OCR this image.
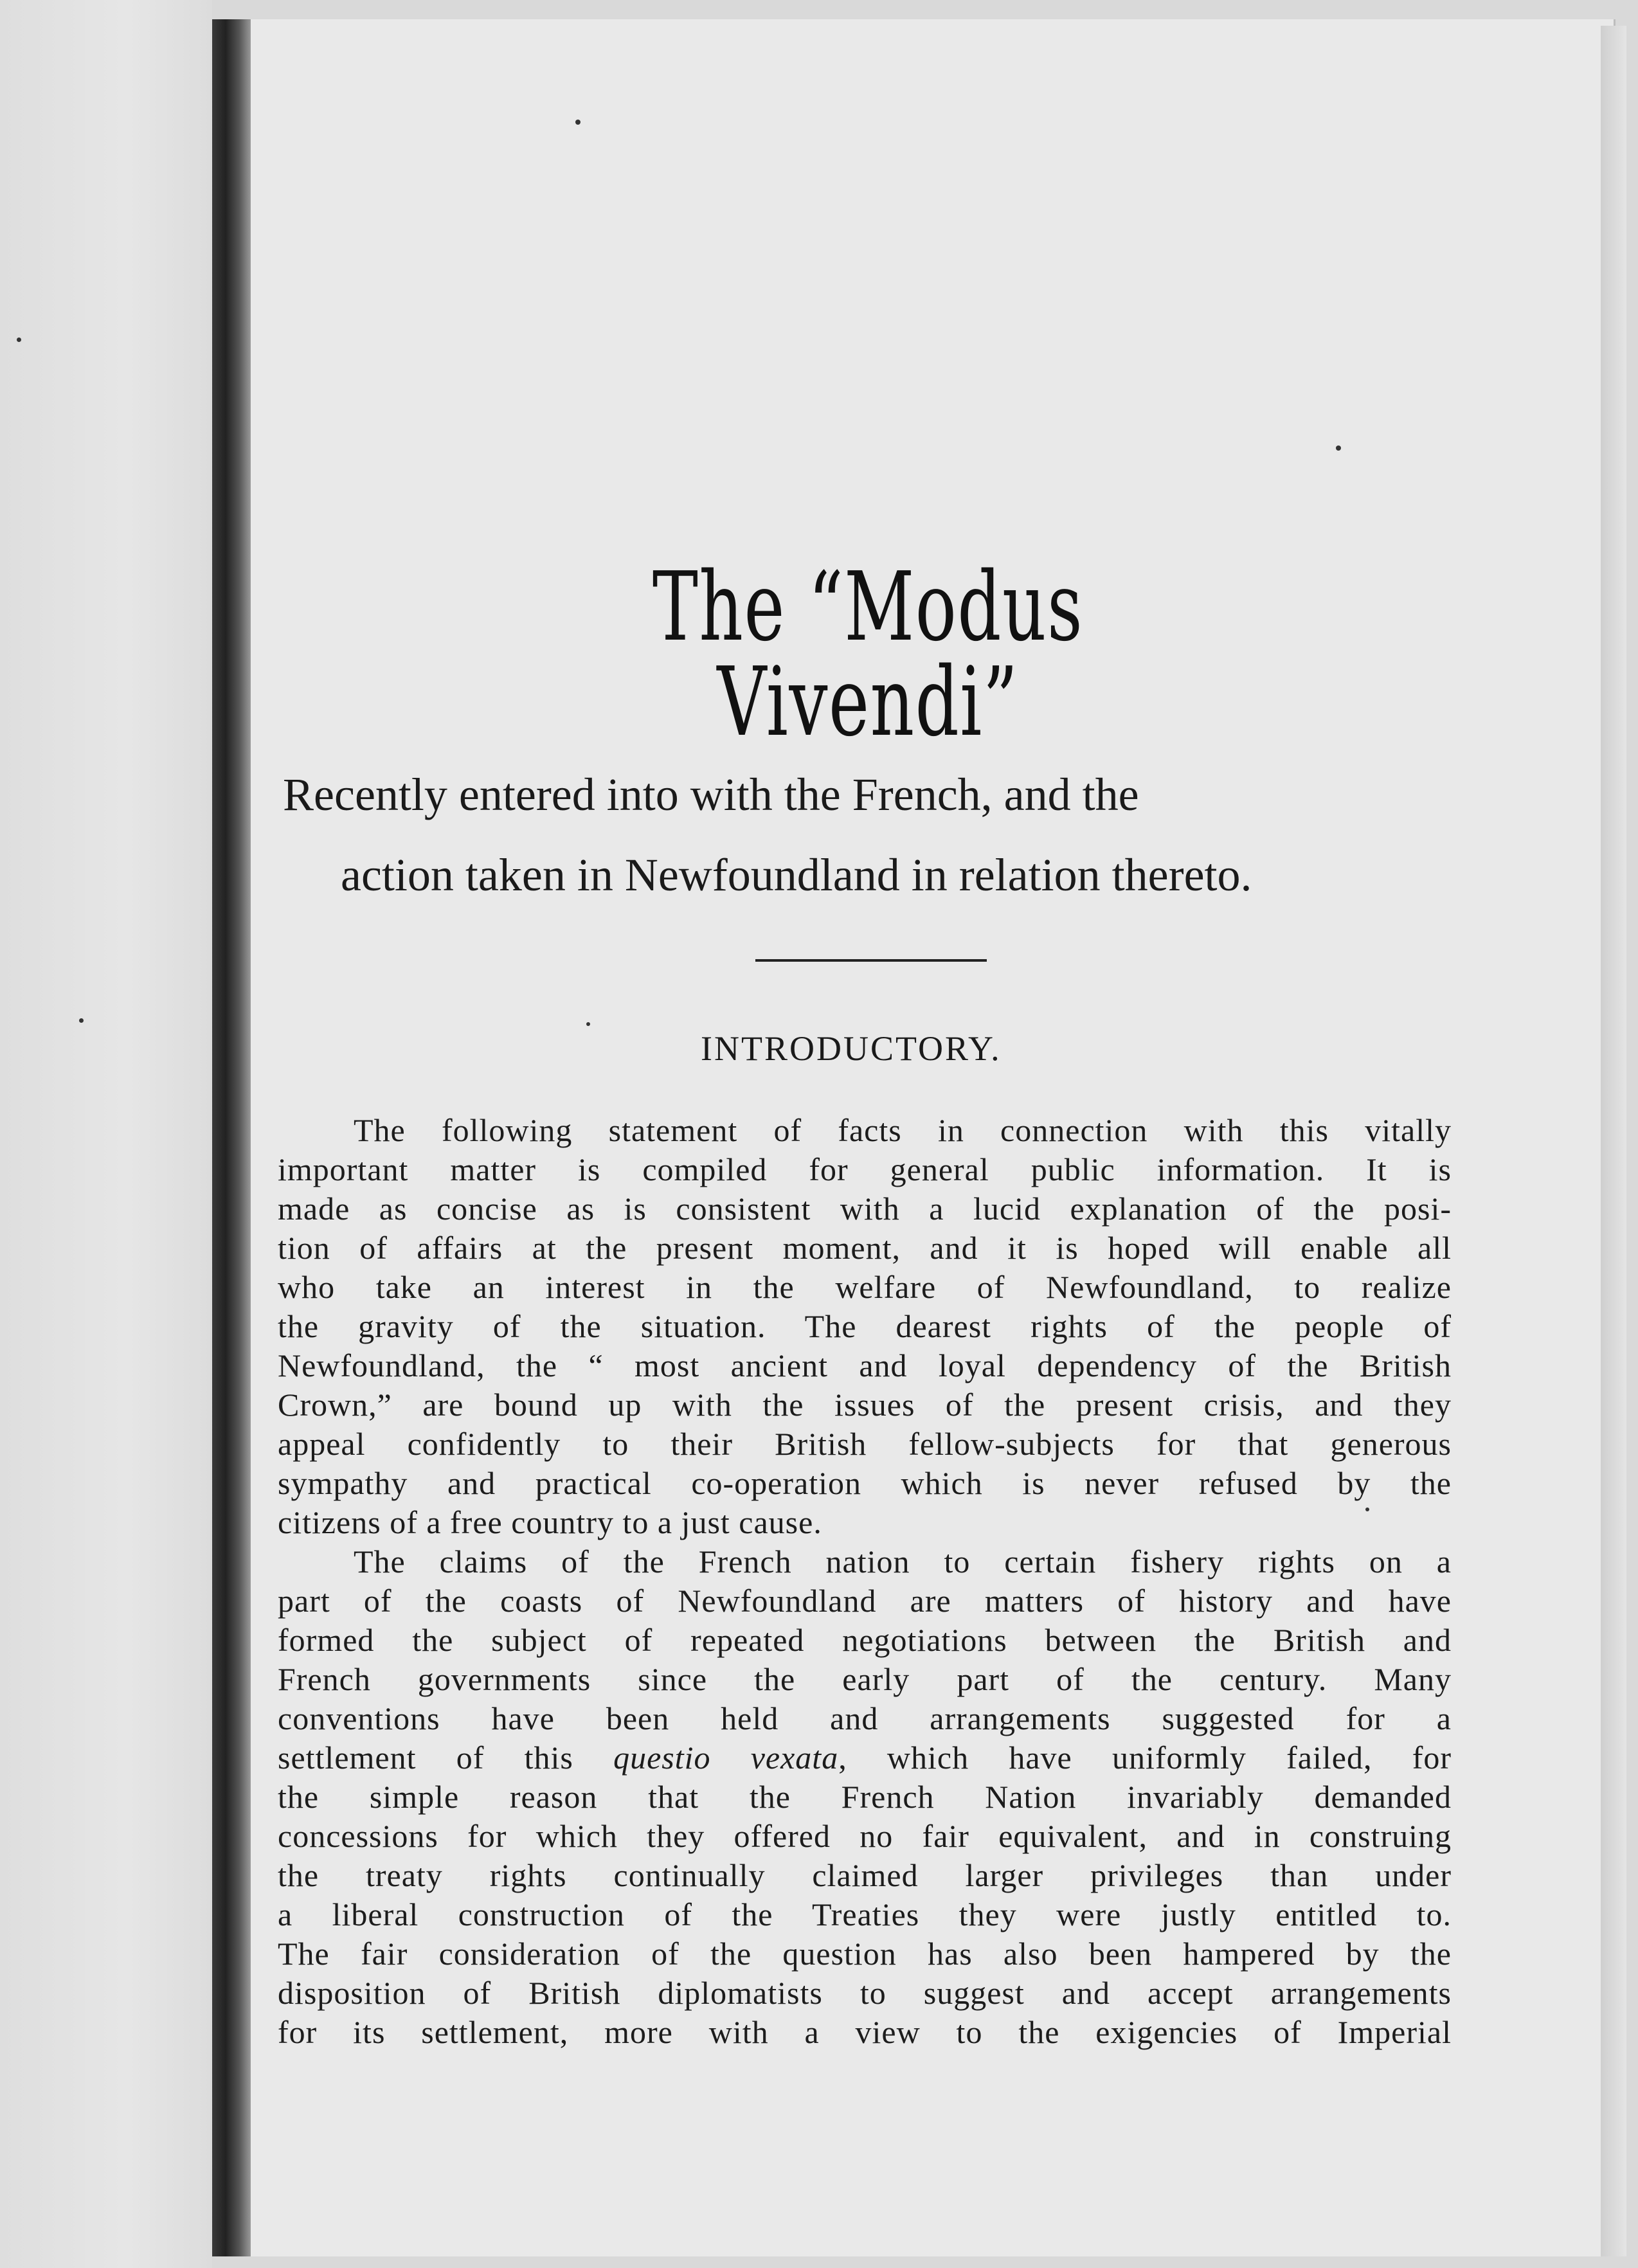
The “Modus Vivendi”
Recently entered into with the French, and the
action taken in Newfoundland in relation thereto.
INTRODUCTORY.

The following statement of facts in connection with this vitally
important matter is compiled for general public information. It is
made as concise as is consistent with a lucid explanation of the posi-
tion of affairs at the present moment, and it is hoped will enable all
who take an interest in the welfare of Newfoundland, to realize
the gravity of the situation. The dearest rights of the people of
Newfoundland, the “ most ancient and loyal dependency of the British
Crown,” are bound up with the issues of the present crisis, and they
appeal confidently to their British fellow-subjects for that generous
sympathy and practical co-operation which is never refused by the
citizens of a free country to a just cause.

The claims of the French nation to certain fishery rights on a
part of the coasts of Newfoundland are matters of history and have
formed the subject of repeated negotiations between the British and
French governments since the early part of the century. Many
conventions have been held and arrangements suggested for a
settlement of this questio vexata, which have uniformly failed, for
the simple reason that the French Nation invariably demanded
concessions for which they offered no fair equivalent, and in construing
the treaty rights continually claimed larger privileges than under
a liberal construction of the Treaties they were justly entitled to.
The fair consideration of the question has also been hampered by the
disposition of British diplomatists to suggest and accept arrangements
for its settlement, more with a view to the exigencies of Imperial
